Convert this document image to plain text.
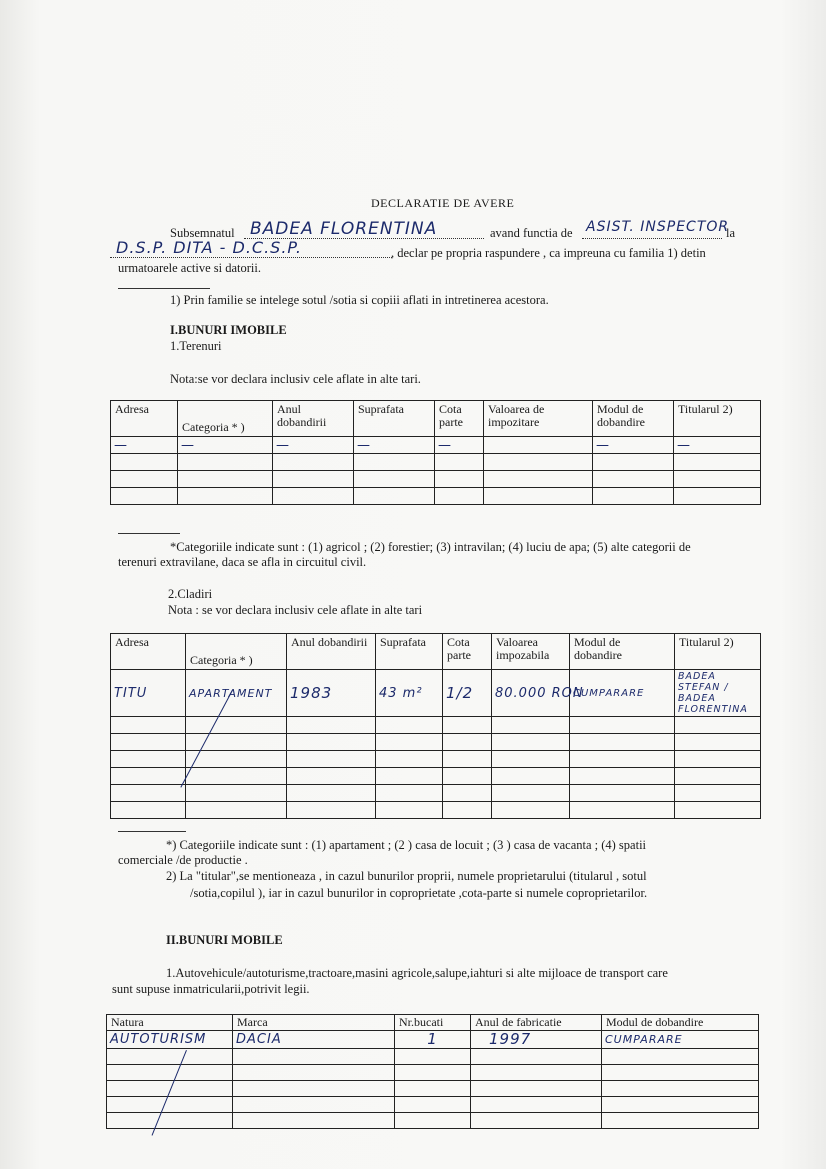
DECLARATIE DE AVERE
Subsemnatul BADEA FLORENTINA	avand functia de ASIST. INSPECTOR
la
D.S.P. DITA - D.C.S.P.	, declar pe propria raspundere , ca impreuna cu familia 1) detin
urmatoarele active si datorii.
1) Prin familie se intelege sotul /sotia si copiii aflati in intretinerea acestora.
I.BUNURI IMOBILE
1.Terenuri
Nota:se vor declara inclusiv cele aflate in alte tari.
Adresa	Categoria * )	Anul dobandirii	Suprafata	Cota parte	Valoarea de impozitare	Modul de dobandire	Titularul 2)
—	—	—	—	—		—	—

*Categoriile indicate sunt : (1) agricol ; (2) forestier; (3) intravilan; (4) luciu de apa; (5) alte categorii de
terenuri extravilane, daca se afla in circuitul civil.
2.Cladiri
Nota : se vor declara inclusiv cele aflate in alte tari
Adresa	Categoria * )	Anul dobandirii	Suprafata	Cota parte	Valoarea impozabila	Modul de dobandire	Titularul 2)
TITU	APARTAMENT	1983	43 m²	1/2	80.000 RON	CUMPARARE	BADEA STEFAN / BADEA FLORENTINA

*) Categoriile indicate sunt : (1) apartament ; (2 ) casa de locuit ; (3 ) casa de vacanta ; (4) spatii
comerciale /de productie .
2) La "titular",se mentioneaza , in cazul bunurilor proprii, numele proprietarului (titularul , sotul
/sotia,copilul ), iar in cazul bunurilor in coproprietate ,cota-parte si numele coproprietarilor.
II.BUNURI MOBILE
1.Autovehicule/autoturisme,tractoare,masini agricole,salupe,iahturi si alte mijloace de transport care
sunt supuse inmatricularii,potrivit legii.
Natura	Marca	Nr.bucati	Anul de fabricatie	Modul de dobandire
AUTOTURISM	DACIA	1	1997	CUMPARARE
